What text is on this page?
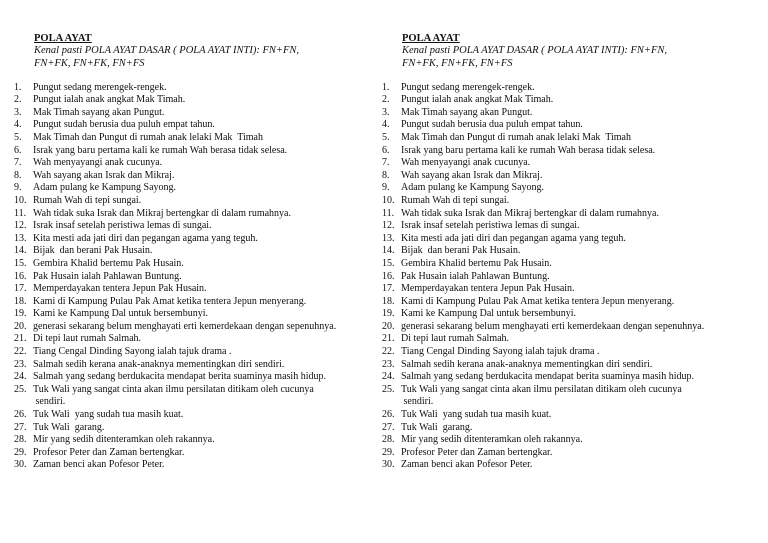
POLA AYAT
Kenal pasti POLA AYAT DASAR ( POLA AYAT INTI): FN+FN,
FN+FK, FN+FK, FN+FS
1.	Pungut sedang merengek-rengek.
2.	Pungut ialah anak angkat Mak Timah.
3.	Mak Timah sayang akan Pungut.
4.	Pungut sudah berusia dua puluh empat tahun.
5.	Mak Timah dan Pungut di rumah anak lelaki Mak  Timah
6.	Israk yang baru pertama kali ke rumah Wah berasa tidak selesa.
7.	Wah menyayangi anak cucunya.
8.	Wah sayang akan Israk dan Mikraj.
9.	Adam pulang ke Kampung Sayong.
10. Rumah Wah di tepi sungai.
11. Wah tidak suka Israk dan Mikraj bertengkar di dalam rumahnya.
12. Israk insaf setelah peristiwa lemas di sungai.
13. Kita mesti ada jati diri dan pegangan agama yang teguh.
14. Bijak  dan berani Pak Husain.
15. Gembira Khalid bertemu Pak Husain.
16. Pak Husain ialah Pahlawan Buntung.
17. Memperdayakan tentera Jepun Pak Husain.
18. Kami di Kampung Pulau Pak Amat ketika tentera Jepun menyerang.
19. Kami ke Kampung Dal untuk bersembunyi.
20. generasi sekarang belum menghayati erti kemerdekaan dengan sepenuhnya.
21. Di tepi laut rumah Salmah.
22. Tiang Cengal Dinding Sayong ialah tajuk drama .
23. Salmah sedih kerana anak-anaknya mementingkan diri sendiri.
24. Salmah yang sedang berdukacita mendapat berita suaminya masih hidup.
25. Tuk Wali yang sangat cinta akan ilmu persilatan ditikam oleh cucunya
sendiri.
26. Tuk Wali  yang sudah tua masih kuat.
27. Tuk Wali  garang.
28. Mir yang sedih ditenteramkan oleh rakannya.
29. Profesor Peter dan Zaman bertengkar.
30. Zaman benci akan Pofesor Peter.
POLA AYAT
Kenal pasti POLA AYAT DASAR ( POLA AYAT INTI): FN+FN,
FN+FK, FN+FK, FN+FS
1.	Pungut sedang merengek-rengek.
2.	Pungut ialah anak angkat Mak Timah.
3.	Mak Timah sayang akan Pungut.
4.	Pungut sudah berusia dua puluh empat tahun.
5.	Mak Timah dan Pungut di rumah anak lelaki Mak  Timah
6.	Israk yang baru pertama kali ke rumah Wah berasa tidak selesa.
7.	Wah menyayangi anak cucunya.
8.	Wah sayang akan Israk dan Mikraj.
9.	Adam pulang ke Kampung Sayong.
10. Rumah Wah di tepi sungai.
11. Wah tidak suka Israk dan Mikraj bertengkar di dalam rumahnya.
12. Israk insaf setelah peristiwa lemas di sungai.
13. Kita mesti ada jati diri dan pegangan agama yang teguh.
14. Bijak  dan berani Pak Husain.
15. Gembira Khalid bertemu Pak Husain.
16. Pak Husain ialah Pahlawan Buntung.
17. Memperdayakan tentera Jepun Pak Husain.
18. Kami di Kampung Pulau Pak Amat ketika tentera Jepun menyerang.
19. Kami ke Kampung Dal untuk bersembunyi.
20. generasi sekarang belum menghayati erti kemerdekaan dengan sepenuhnya.
21. Di tepi laut rumah Salmah.
22. Tiang Cengal Dinding Sayong ialah tajuk drama .
23. Salmah sedih kerana anak-anaknya mementingkan diri sendiri.
24. Salmah yang sedang berdukacita mendapat berita suaminya masih hidup.
25. Tuk Wali yang sangat cinta akan ilmu persilatan ditikam oleh cucunya
sendiri.
26. Tuk Wali  yang sudah tua masih kuat.
27. Tuk Wali  garang.
28. Mir yang sedih ditenteramkan oleh rakannya.
29. Profesor Peter dan Zaman bertengkar.
30. Zaman benci akan Pofesor Peter.
